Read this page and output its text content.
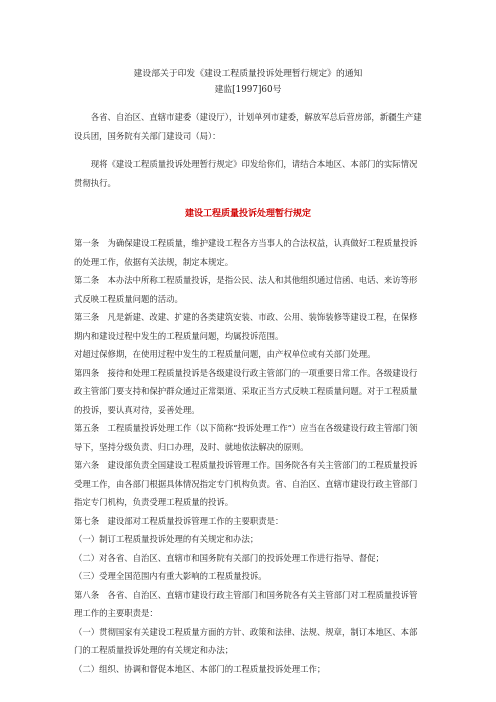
建设部关于印发《建设工程质量投诉处理暂行规定》的通知
建监[1997]60号
各省、自治区、直辖市建委（建设厅），计划单列市建委，解放军总后营房部，新疆生产建设兵团，国务院有关部门建设司（局）：
现将《建设工程质量投诉处理暂行规定》印发给你们，请结合本地区、本部门的实际情况贯彻执行。
建设工程质量投诉处理暂行规定
第一条　为确保建设工程质量，维护建设工程各方当事人的合法权益，认真做好工程质量投诉的处理工作，依据有关法规，制定本规定。
第二条　本办法中所称工程质量投诉，是指公民、法人和其他组织通过信函、电话、来访等形式反映工程质量问题的活动。
第三条　凡是新建、改建、扩建的各类建筑安装、市政、公用、装饰装修等建设工程，在保修期内和建设过程中发生的工程质量问题，均属投诉范围。
对超过保修期，在使用过程中发生的工程质量问题，由产权单位或有关部门处理。
第四条　接待和处理工程质量投诉是各级建设行政主管部门的一项重要日常工作。各级建设行政主管部门要支持和保护群众通过正常渠道、采取正当方式反映工程质量问题。对于工程质量的投诉，要认真对待，妥善处理。
第五条　工程质量投诉处理工作（以下简称“投诉处理工作”）应当在各级建设行政主管部门领导下，坚持分级负责、归口办理，及时、就地依法解决的原则。
第六条　建设部负责全国建设工程质量投诉管理工作。国务院各有关主管部门的工程质量投诉受理工作，由各部门根据具体情况指定专门机构负责。省、自治区、直辖市建设行政主管部门指定专门机构，负责受理工程质量的投诉。
第七条　建设部对工程质量投诉管理工作的主要职责是：
（一）制订工程质量投诉处理的有关规定和办法；
（二）对各省、自治区、直辖市和国务院有关部门的投诉处理工作进行指导、督促；
（三）受理全国范围内有重大影响的工程质量投诉。
第八条　各省、自治区、直辖市建设行政主管部门和国务院各有关主管部门对工程质量投诉管理工作的主要职责是：
（一）贯彻国家有关建设工程质量方面的方针、政策和法律、法规、规章，制订本地区、本部门的工程质量投诉处理的有关规定和办法；
（二）组织、协调和督促本地区、本部门的工程质量投诉处理工作；
